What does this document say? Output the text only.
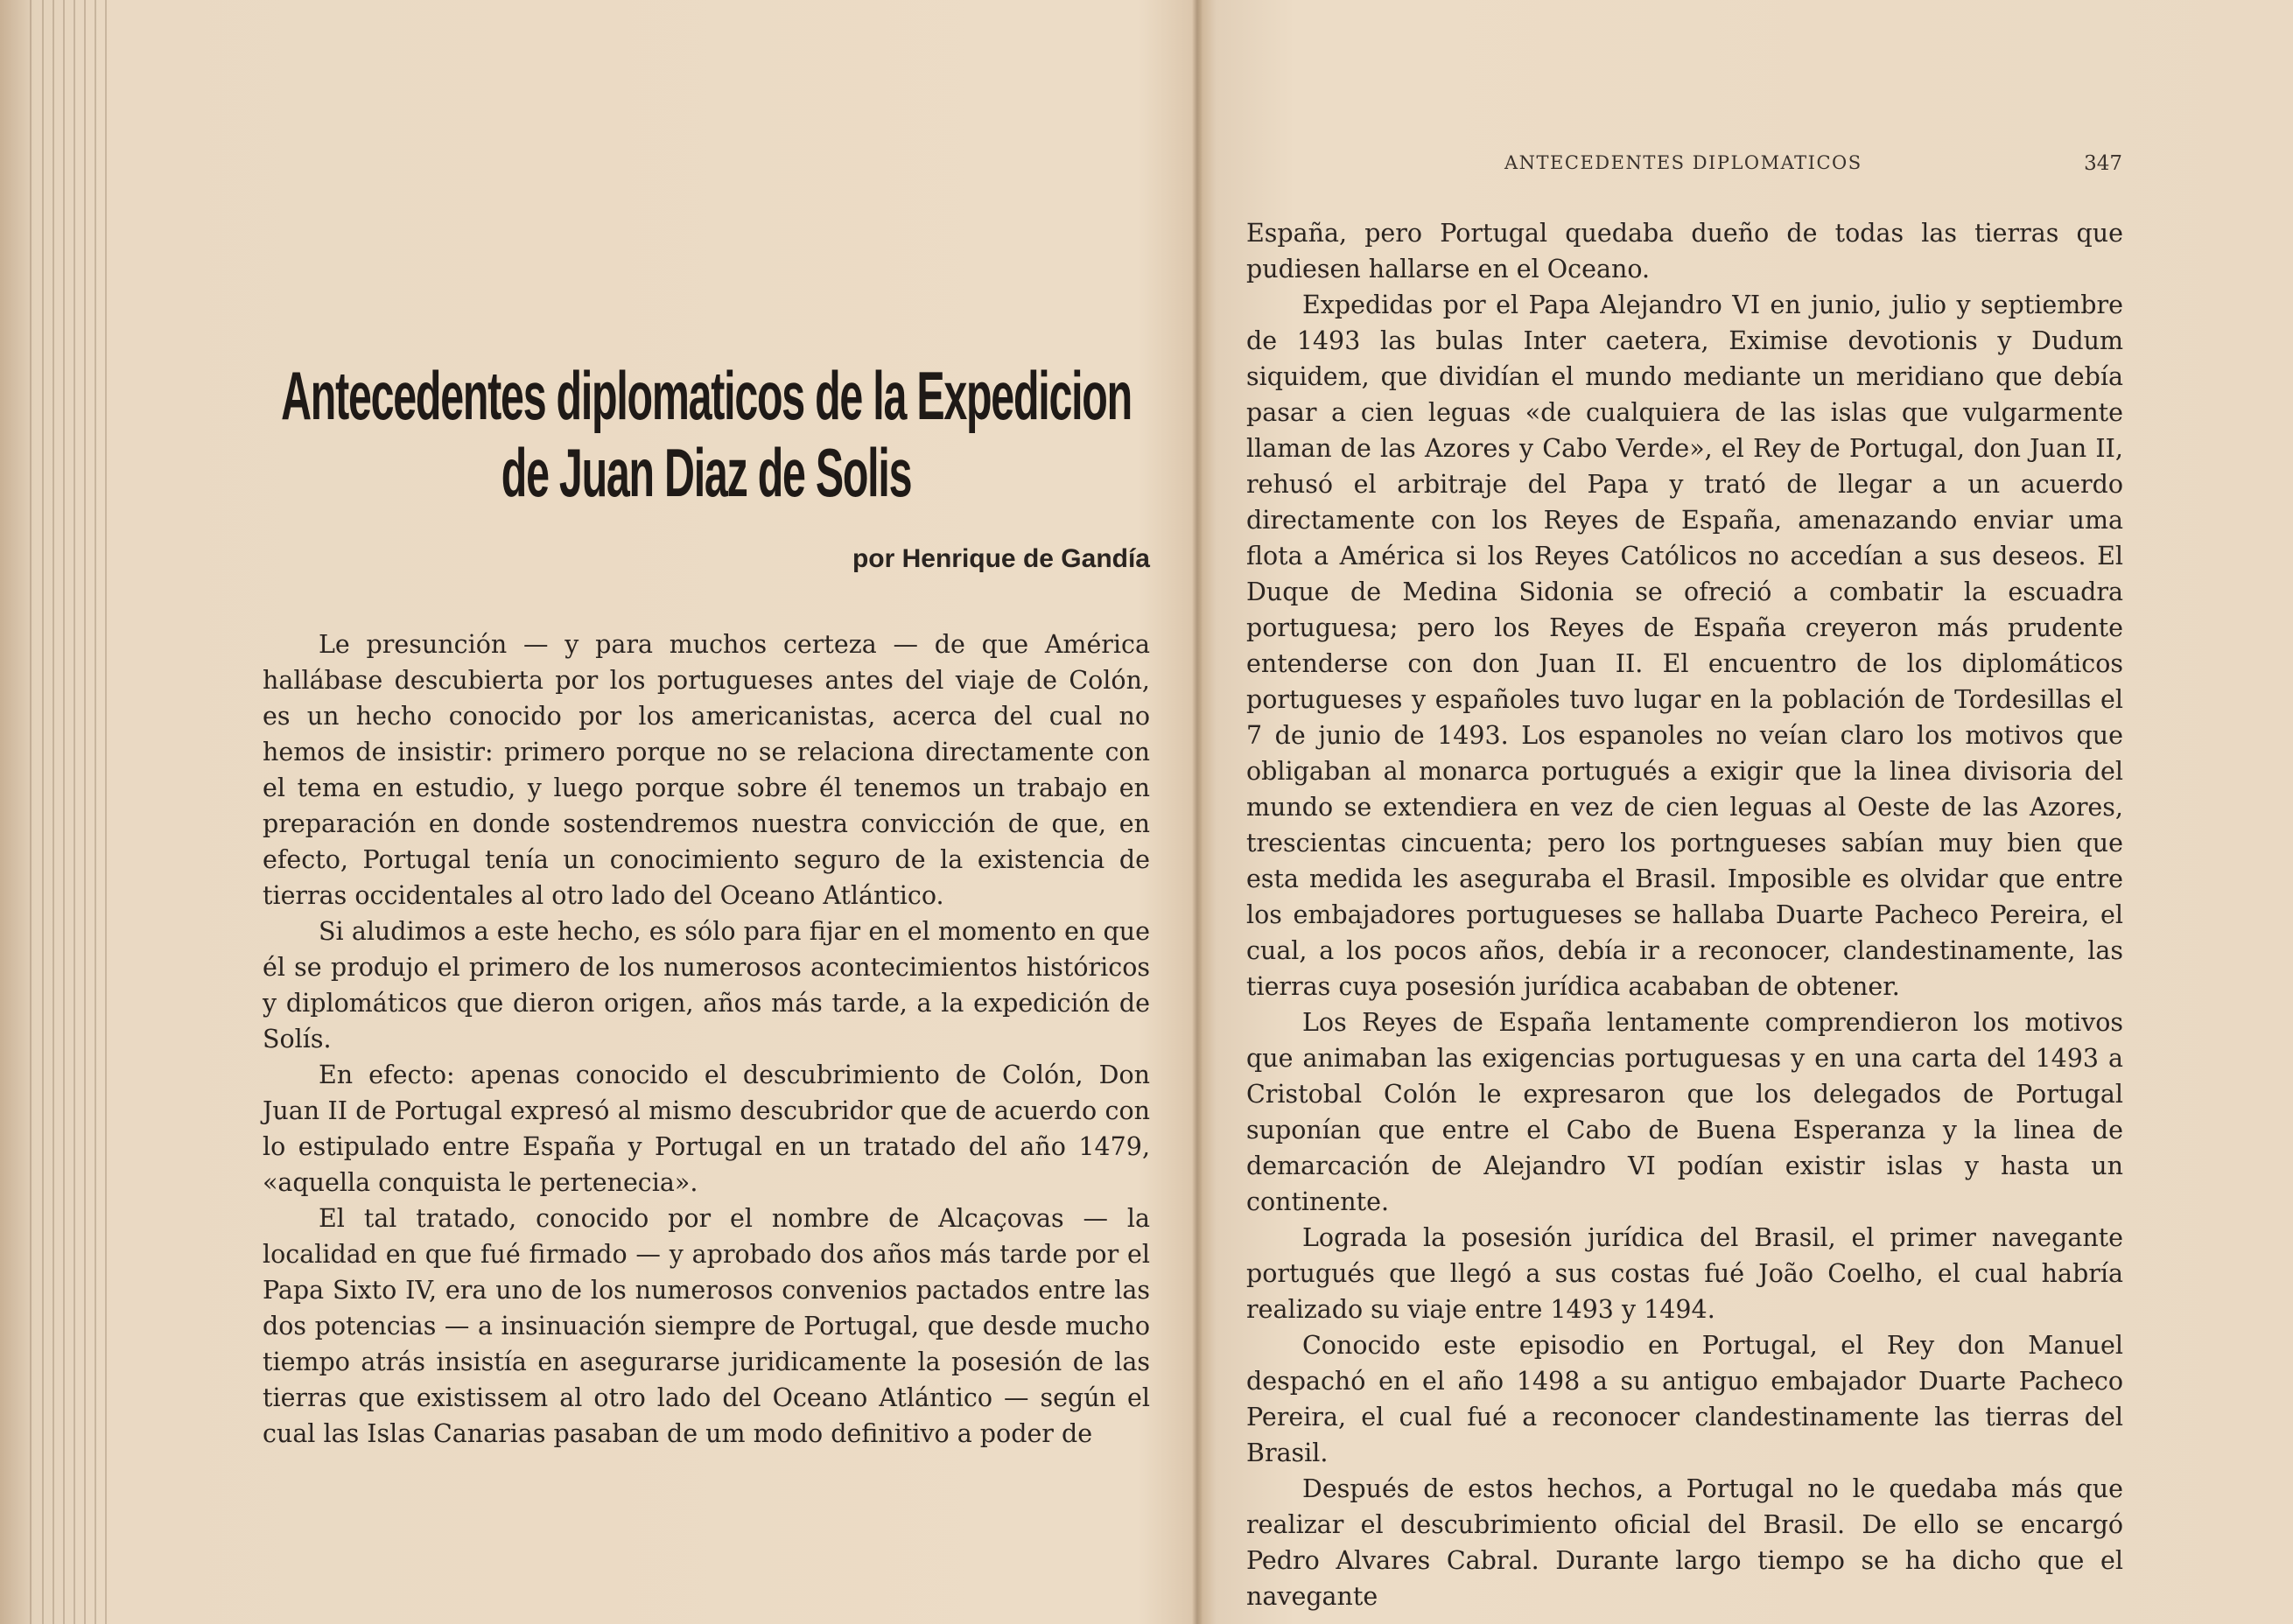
Antecedentes diplomaticos de la Expedicion de Juan Diaz de Solis
por Henrique de Gandía

Le presunción — y para muchos certeza — de que América hallábase descubierta por los portugueses antes del viaje de Colón, es un hecho conocido por los americanistas, acerca del cual no hemos de insistir: primero porque no se relaciona directamente con el tema en estudio, y luego porque sobre él tenemos un trabajo en preparación en donde sostendremos nuestra convicción de que, en efecto, Portugal tenía un conocimiento seguro de la existencia de tierras occidentales al otro lado del Oceano Atlántico.

Si aludimos a este hecho, es sólo para fijar en el momento en que él se produjo el primero de los numerosos acontecimientos históricos y diplomáticos que dieron origen, años más tarde, a la expedición de Solís.

En efecto: apenas conocido el descubrimiento de Colón, Don Juan II de Portugal expresó al mismo descubridor que de acuerdo con lo estipulado entre España y Portugal en un tratado del año 1479, «aquella conquista le pertenecia».

El tal tratado, conocido por el nombre de Alcaçovas — la localidad en que fué firmado — y aprobado dos años más tarde por el Papa Sixto IV, era uno de los numerosos convenios pactados entre las dos potencias — a insinuación siempre de Portugal, que desde mucho tiempo atrás insistía en asegurarse juridicamente la posesión de las tierras que existissem al otro lado del Oceano Atlántico — según el cual las Islas Canarias pasaban de um modo definitivo a poder de

ANTECEDENTES DIPLOMATICOS	347

España, pero Portugal quedaba dueño de todas las tierras que pudiesen hallarse en el Oceano.

Expedidas por el Papa Alejandro VI en junio, julio y septiembre de 1493 las bulas Inter caetera, Eximise devotionis y Dudum siquidem, que dividían el mundo mediante un meridiano que debía pasar a cien leguas «de cualquiera de las islas que vulgarmente llaman de las Azores y Cabo Verde», el Rey de Portugal, don Juan II, rehusó el arbitraje del Papa y trató de llegar a un acuerdo directamente con los Reyes de España, amenazando enviar uma flota a América si los Reyes Católicos no accedían a sus deseos. El Duque de Medina Sidonia se ofreció a combatir la escuadra portuguesa; pero los Reyes de España creyeron más prudente entenderse con don Juan II. El encuentro de los diplomáticos portugueses y españoles tuvo lugar en la población de Tordesillas el 7 de junio de 1493. Los espanoles no veían claro los motivos que obligaban al monarca portugués a exigir que la linea divisoria del mundo se extendiera en vez de cien leguas al Oeste de las Azores, trescientas cincuenta; pero los portngueses sabían muy bien que esta medida les aseguraba el Brasil. Imposible es olvidar que entre los embajadores portugueses se hallaba Duarte Pacheco Pereira, el cual, a los pocos años, debía ir a reconocer, clandestinamente, las tierras cuya posesión jurídica acababan de obtener.

Los Reyes de España lentamente comprendieron los motivos que animaban las exigencias portuguesas y en una carta del 1493 a Cristobal Colón le expresaron que los delegados de Portugal suponían que entre el Cabo de Buena Esperanza y la linea de demarcación de Alejandro VI podían existir islas y hasta un continente.

Lograda la posesión jurídica del Brasil, el primer navegante portugués que llegó a sus costas fué João Coelho, el cual habría realizado su viaje entre 1493 y 1494.

Conocido este episodio en Portugal, el Rey don Manuel despachó en el año 1498 a su antiguo embajador Duarte Pacheco Pereira, el cual fué a reconocer clandestinamente las tierras del Brasil.

Después de estos hechos, a Portugal no le quedaba más que realizar el descubrimiento oficial del Brasil. De ello se encargó Pedro Alvares Cabral. Durante largo tiempo se ha dicho que el navegante
